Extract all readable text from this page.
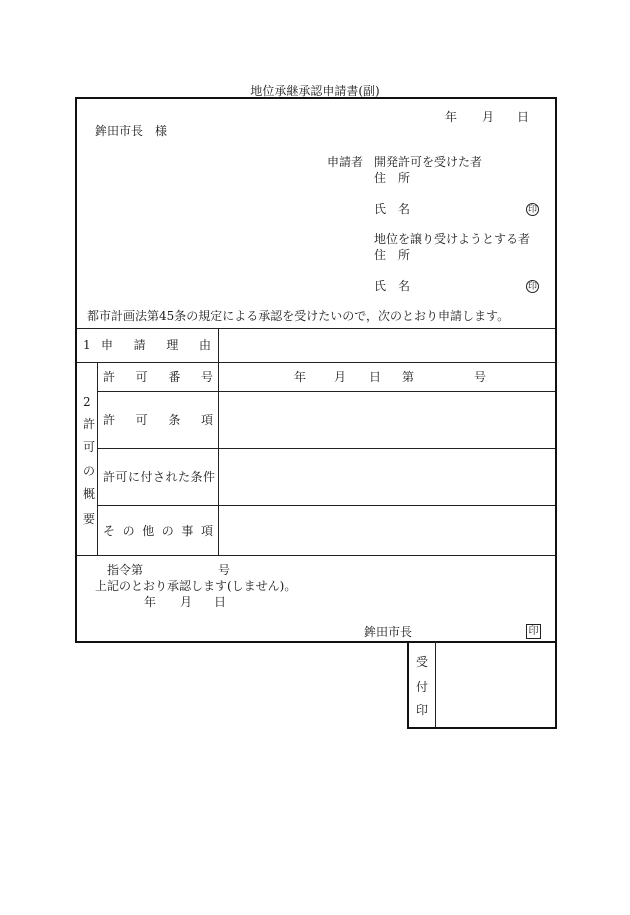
地位承継承認申請書(副)
年 月 日
鉾田市長　様
申請者 開発許可を受けた者
住　所
氏　名	印
地位を譲り受けようとする者
住　所
氏　名	印
都市計画法第45条の規定による承認を受けたいので，次のとおり申請します。
1 申 請 理 由
2
許
可
の
概
要
許 可 番 号	年 月 日 第	号
許 可 条 項
許可に付された条件
そ の 他 の 事 項
指令第	号
上記のとおり承認します(しません)。
年 月 日
鉾田市長	印
受
付
印
